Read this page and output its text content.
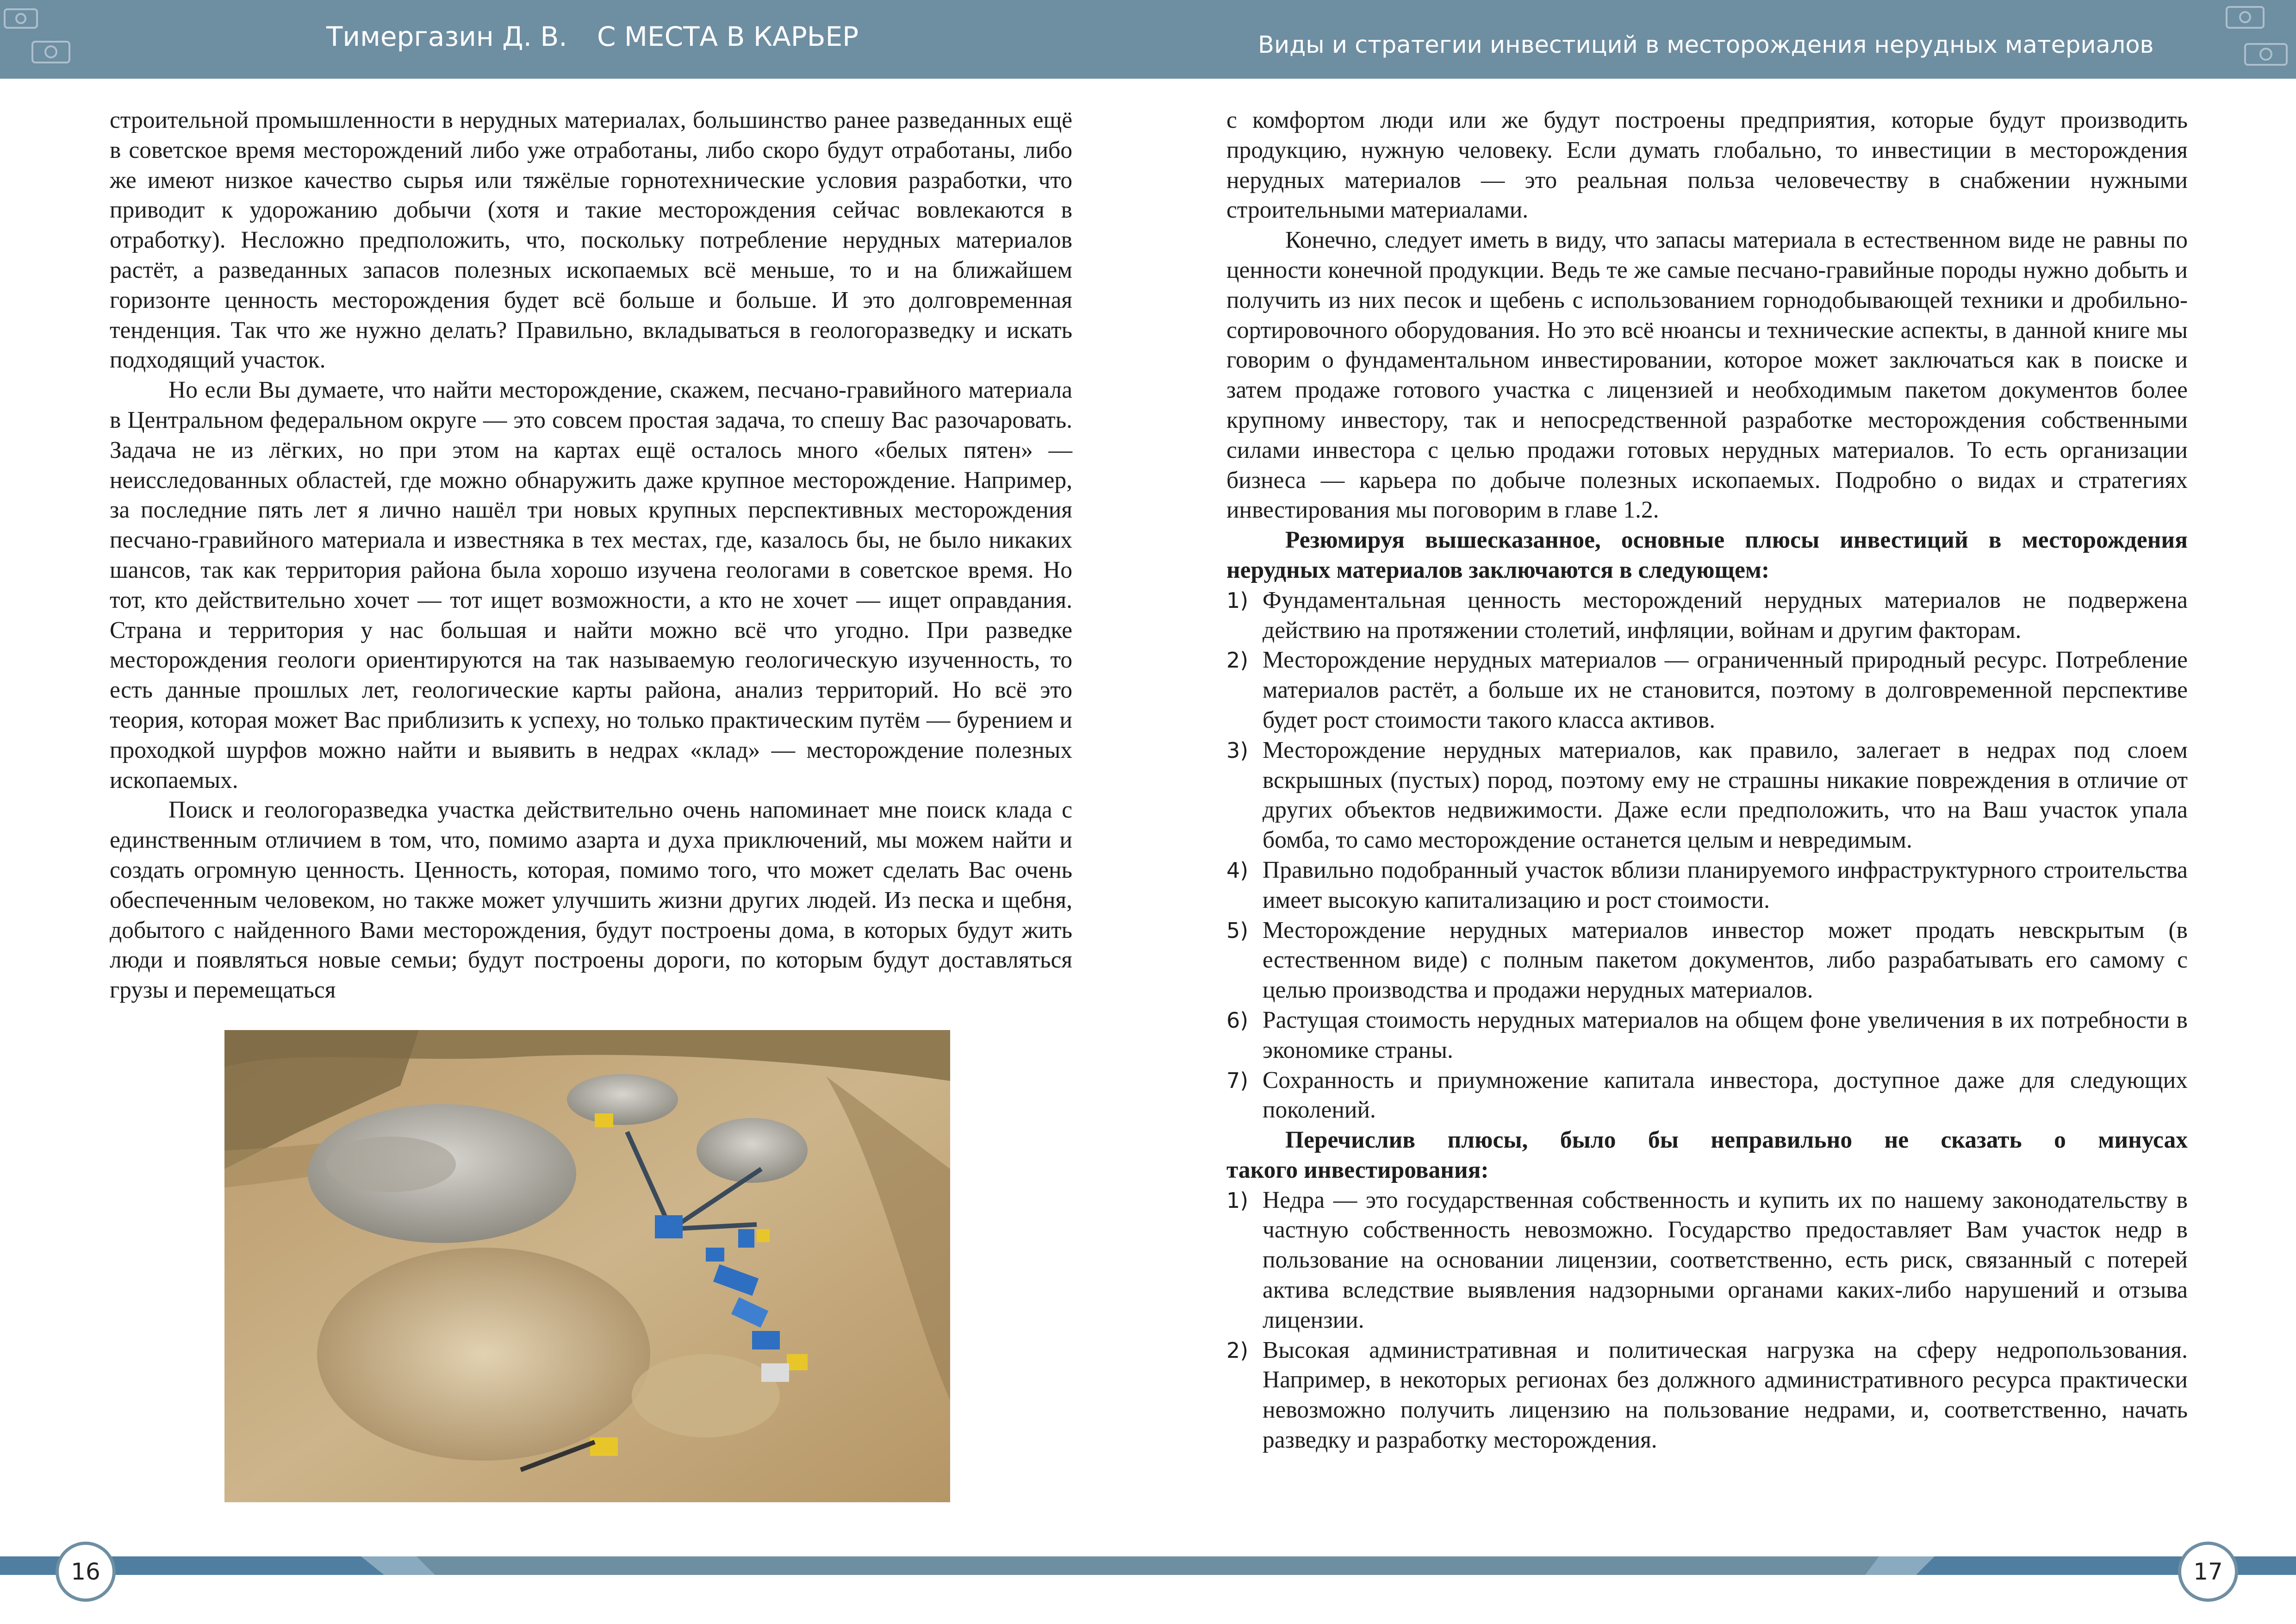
Тимергазин Д. В. С МЕСТА В КАРЬЕР	Виды и стратегии инвестиций в месторождения нерудных материалов

строительной промышленности в нерудных материалах, большинство ранее разведанных ещё в советское время месторождений либо уже отработаны, либо скоро будут отработаны, либо же имеют низкое качество сырья или тяжёлые горнотехнические условия разработки, что приводит к удорожанию добычи (хотя и такие месторождения сейчас вовлекаются в отработку). Несложно предположить, что, поскольку потребление нерудных материалов растёт, а разведанных запасов полезных ископаемых всё меньше, то и на ближайшем горизонте ценность месторождения будет всё больше и больше. И это долговременная тенденция. Так что же нужно делать? Правильно, вкладываться в геологоразведку и искать подходящий участок.

Но если Вы думаете, что найти месторождение, скажем, песчано-гравийного материала в Центральном федеральном округе — это совсем простая задача, то спешу Вас разочаровать. Задача не из лёгких, но при этом на картах ещё осталось много «белых пятен» — неисследованных областей, где можно обнаружить даже крупное месторождение. Например, за последние пять лет я лично нашёл три новых крупных перспективных месторождения песчано-гравийного материала и известняка в тех местах, где, казалось бы, не было никаких шансов, так как территория района была хорошо изучена геологами в советское время. Но тот, кто действительно хочет — тот ищет возможности, а кто не хочет — ищет оправдания. Страна и территория у нас большая и найти можно всё что угодно. При разведке месторождения геологи ориентируются на так называемую геологическую изученность, то есть данные прошлых лет, геологические карты района, анализ территорий. Но всё это теория, которая может Вас приблизить к успеху, но только практическим путём — бурением и проходкой шурфов можно найти и выявить в недрах «клад» — месторождение полезных ископаемых.

Поиск и геологоразведка участка действительно очень напоминает мне поиск клада с единственным отличием в том, что, помимо азарта и духа приключений, мы можем найти и создать огромную ценность. Ценность, которая, помимо того, что может сделать Вас очень обеспеченным человеком, но также может улучшить жизни других людей. Из песка и щебня, добытого с найденного Вами месторождения, будут построены дома, в которых будут жить люди и появляться новые семьи; будут построены дороги, по которым будут доставляться грузы и перемещаться

с комфортом люди или же будут построены предприятия, которые будут производить продукцию, нужную человеку. Если думать глобально, то инвестиции в месторождения нерудных материалов — это реальная польза человечеству в снабжении нужными строительными материалами.

Конечно, следует иметь в виду, что запасы материала в естественном виде не равны по ценности конечной продукции. Ведь те же самые песчано-гравийные породы нужно добыть и получить из них песок и щебень с использованием горнодобывающей техники и дробильно-сортировочного оборудования. Но это всё нюансы и технические аспекты, в данной книге мы говорим о фундаментальном инвестировании, которое может заключаться как в поиске и затем продаже готового участка с лицензией и необходимым пакетом документов более крупному инвестору, так и непосредственной разработке месторождения собственными силами инвестора с целью продажи готовых нерудных материалов. То есть организации бизнеса — карьера по добыче полезных ископаемых. Подробно о видах и стратегиях инвестирования мы поговорим в главе 1.2.

Резюмируя вышесказанное, основные плюсы инвестиций в месторождения нерудных материалов заключаются в следующем:

1) Фундаментальная ценность месторождений нерудных материалов не подвержена действию на протяжении столетий, инфляции, войнам и другим факторам.
2) Месторождение нерудных материалов — ограниченный природный ресурс. Потребление материалов растёт, а больше их не становится, поэтому в долговременной перспективе будет рост стоимости такого класса активов.
3) Месторождение нерудных материалов, как правило, залегает в недрах под слоем вскрышных (пустых) пород, поэтому ему не страшны никакие повреждения в отличие от других объектов недвижимости. Даже если предположить, что на Ваш участок упала бомба, то само месторождение останется целым и невредимым.
4) Правильно подобранный участок вблизи планируемого инфраструктурного строительства имеет высокую капитализацию и рост стоимости.
5) Месторождение нерудных материалов инвестор может продать невскрытым (в естественном виде) с полным пакетом документов, либо разрабатывать его самому с целью производства и продажи нерудных материалов.
6) Растущая стоимость нерудных материалов на общем фоне увеличения в их потребности в экономике страны.
7) Сохранность и приумножение капитала инвестора, доступное даже для следующих поколений.

Перечислив плюсы, было бы неправильно не сказать о минусах

такого инвестирования:

1) Недра — это государственная собственность и купить их по нашему законодательству в частную собственность невозможно. Государство предоставляет Вам участок недр в пользование на основании лицензии, соответственно, есть риск, связанный с потерей актива вследствие выявления надзорными органами каких-либо нарушений и отзыва лицензии.
2) Высокая административная и политическая нагрузка на сферу недропользования. Например, в некоторых регионах без должного административного ресурса практически невозможно получить лицензию на пользование недрами, и, соответственно, начать разведку и разработку месторождения.
16	17
